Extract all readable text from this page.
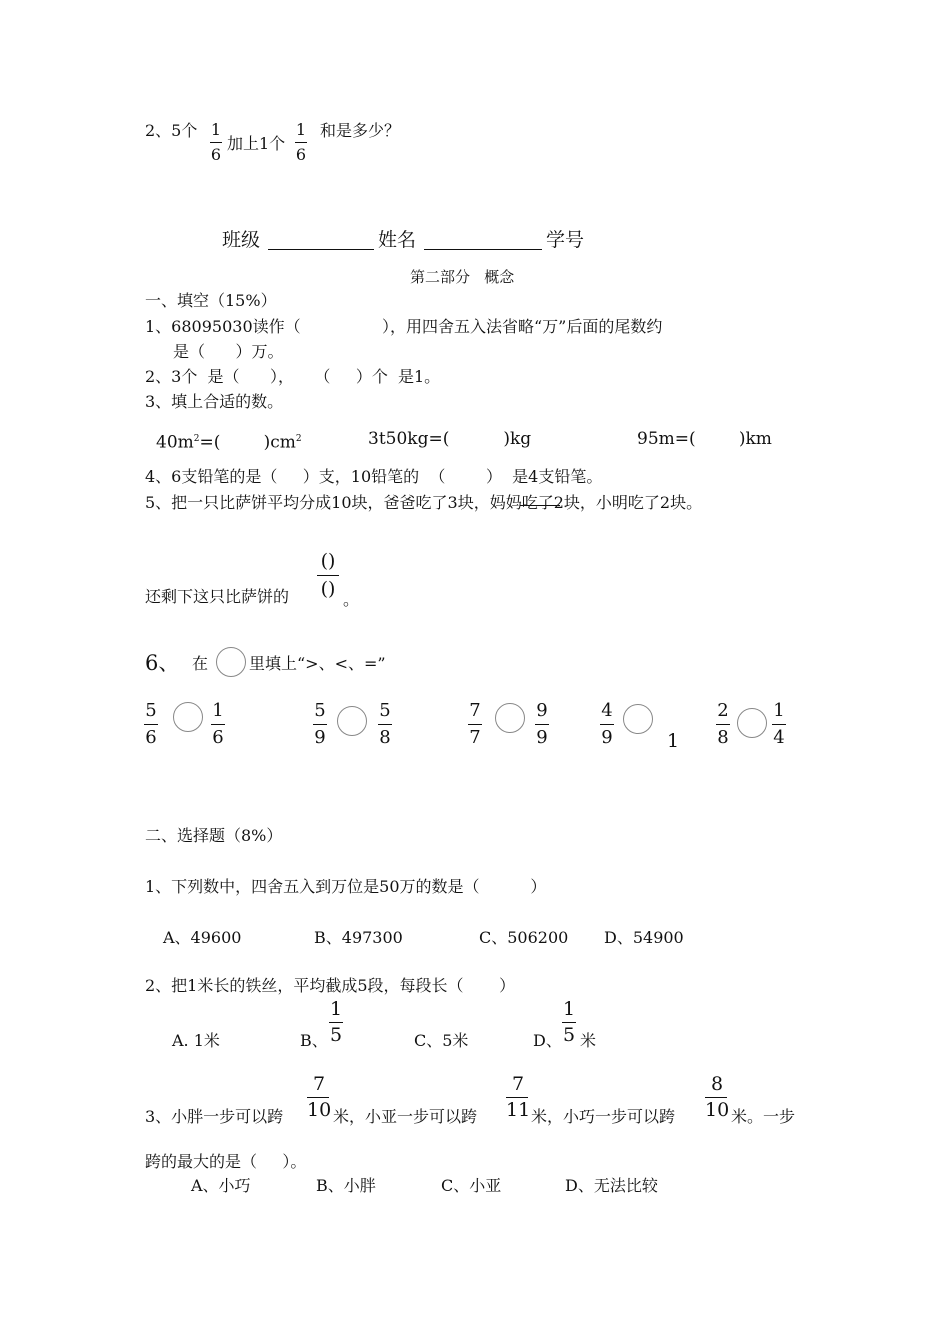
2、5个 1
6
加上1个
1
6
和是多少？
班级	姓名	学号
第二部分   概念
一、填空（15%）
1、68095030读作（                ），用四舍五入法省略“万”后面的尾数约
是（      ）万。
2、3个  是（      ），    （     ）个  是1。
3、填上合适的数。
$40m^2=$(        )$cm^2$	3t50kg=(          )kg	95m=(        )km
4、6支铅笔的是（     ）支，10铅笔的  （        ）  是4支铅笔。
5、把一只比萨饼平均分成10块，爸爸吃了3块，妈妈吃了2块，小明吃了2块。
还剩下这只比萨饼的
()
() 。
6、 在	里填上“>、<、=”
5
6
1
6
5
9
5
8
7
7
9
9
4
9	1
2
8
1
4
二、选择题（8%）
1、下列数中，四舍五入到万位是50万的数是（          ）
A、49600	B、497300	C、506200 D、54900
2、把1米长的铁丝，平均截成5段，每段长（       ）
A. 1米	B、
1
5	C、5米	D、
1
5 米
3、小胖一步可以跨
7
10 米，小亚一步可以跨
7
11 米，小巧一步可以跨
8
10 米。一步
跨的最大的是（     ）。
A、小巧	B、小胖	C、小亚	D、无法比较
